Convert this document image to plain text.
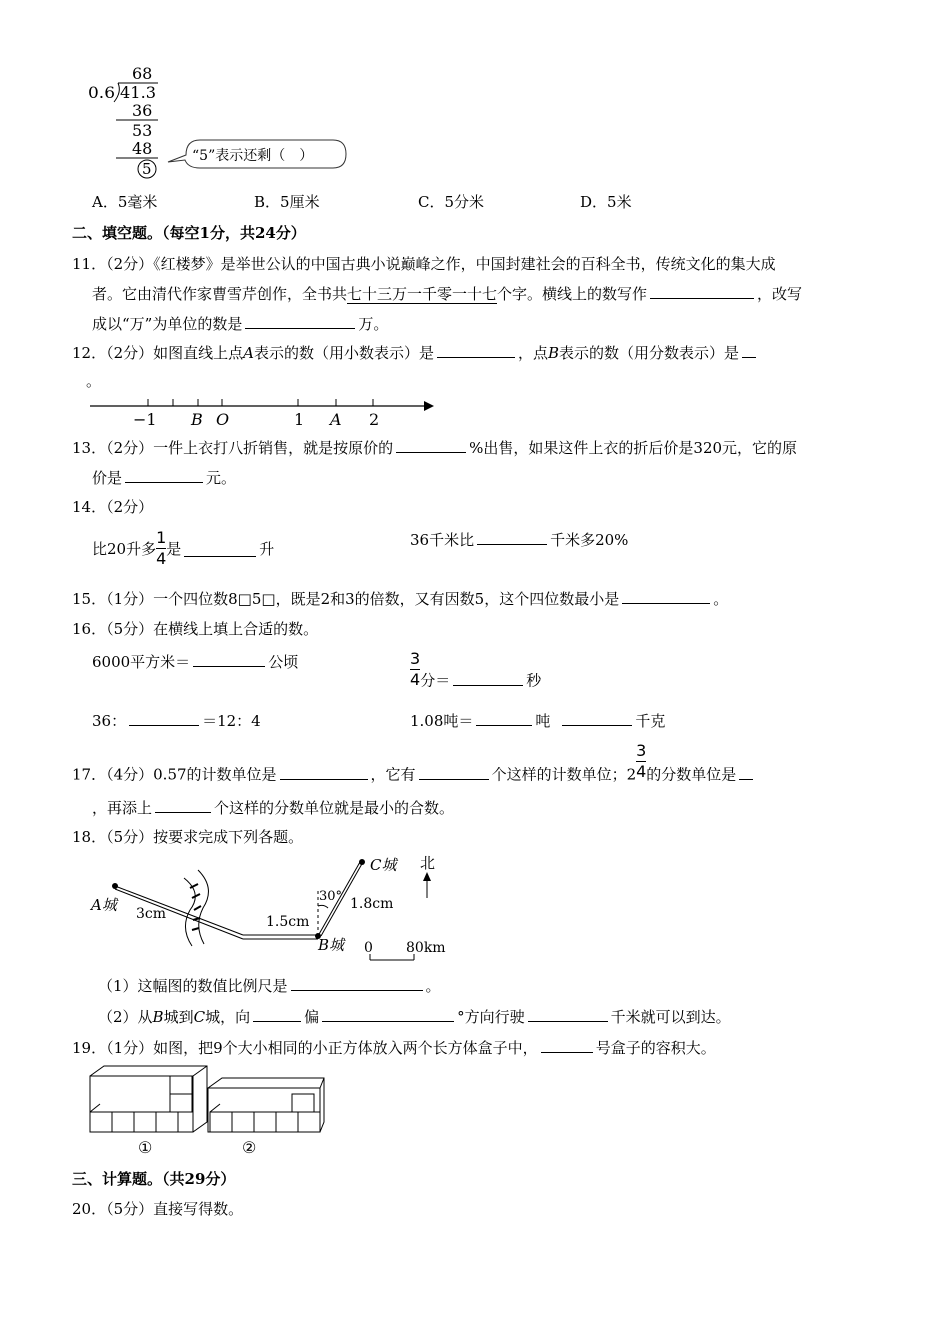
68
0.6 41.3
36
53
48
5
“5”表示还剩（　）
A．5毫米	B．5厘米	C．5分米	D．5米
二、填空题。（每空1分，共24分）
11．（2分）《红楼梦》是举世公认的中国古典小说巅峰之作，中国封建社会的百科全书，传统文化的集大成
者。它由清代作家曹雪芹创作，全书共七十三万一千零一十七个字。横线上的数写作	，改写
成以“万”为单位的数是	万。
12．（2分）如图直线上点A表示的数（用小数表示）是	，点B表示的数（用分数表示）是
。
−1 B O	1 A 2
13．（2分）一件上衣打八折销售，就是按原价的	%出售，如果这件上衣的折后价是320元，它的原
价是	元。
14．（2分）
比20升多 $\frac{1}{4}$ 是	升	36千米比	千米多20%
15．（1分）一个四位数8□5□，既是2和3的倍数，又有因数5，这个四位数最小是	。
16．（5分）在横线上填上合适的数。
6000平方米＝	公顷	$\frac{3}{4}$ 分＝	秒
36：	＝12：4	1.08吨＝	吨	千克
17．（4分）0.57的计数单位是	，它有	个这样的计数单位；$2 \frac{3}{4}$ 的分数单位是
，再添上	个这样的分数单位就是最小的合数。
18．（5分）按要求完成下列各题。
北
A城
B城
C城
3cm	1.5cm
1.8cm
30°
0 80km
（1）这幅图的数值比例尺是	。
（2）从B城到C城，向	偏	°方向行驶	千米就可以到达。
19．（1分）如图，把9个大小相同的小正方体放入两个长方体盒子中，	号盒子的容积大。
①	②
三、计算题。（共29分）
20．（5分）直接写得数。
